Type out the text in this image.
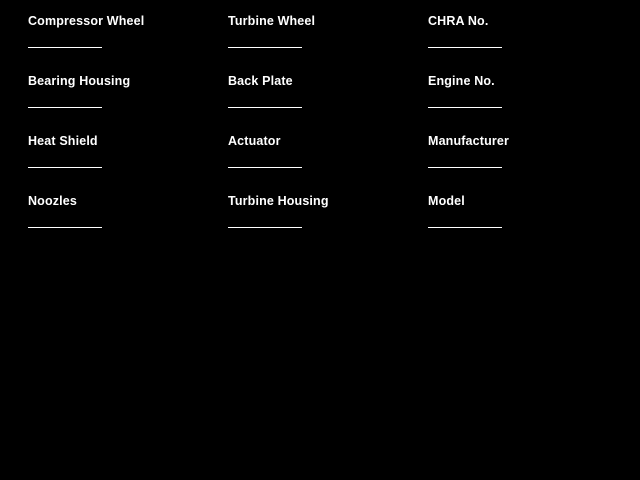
Compressor Wheel	Turbine Wheel	CHRA No.
Bearing Housing	Back Plate	Engine No.
Heat Shield	Actuator	Manufacturer
Noozles	Turbine Housing	Model
